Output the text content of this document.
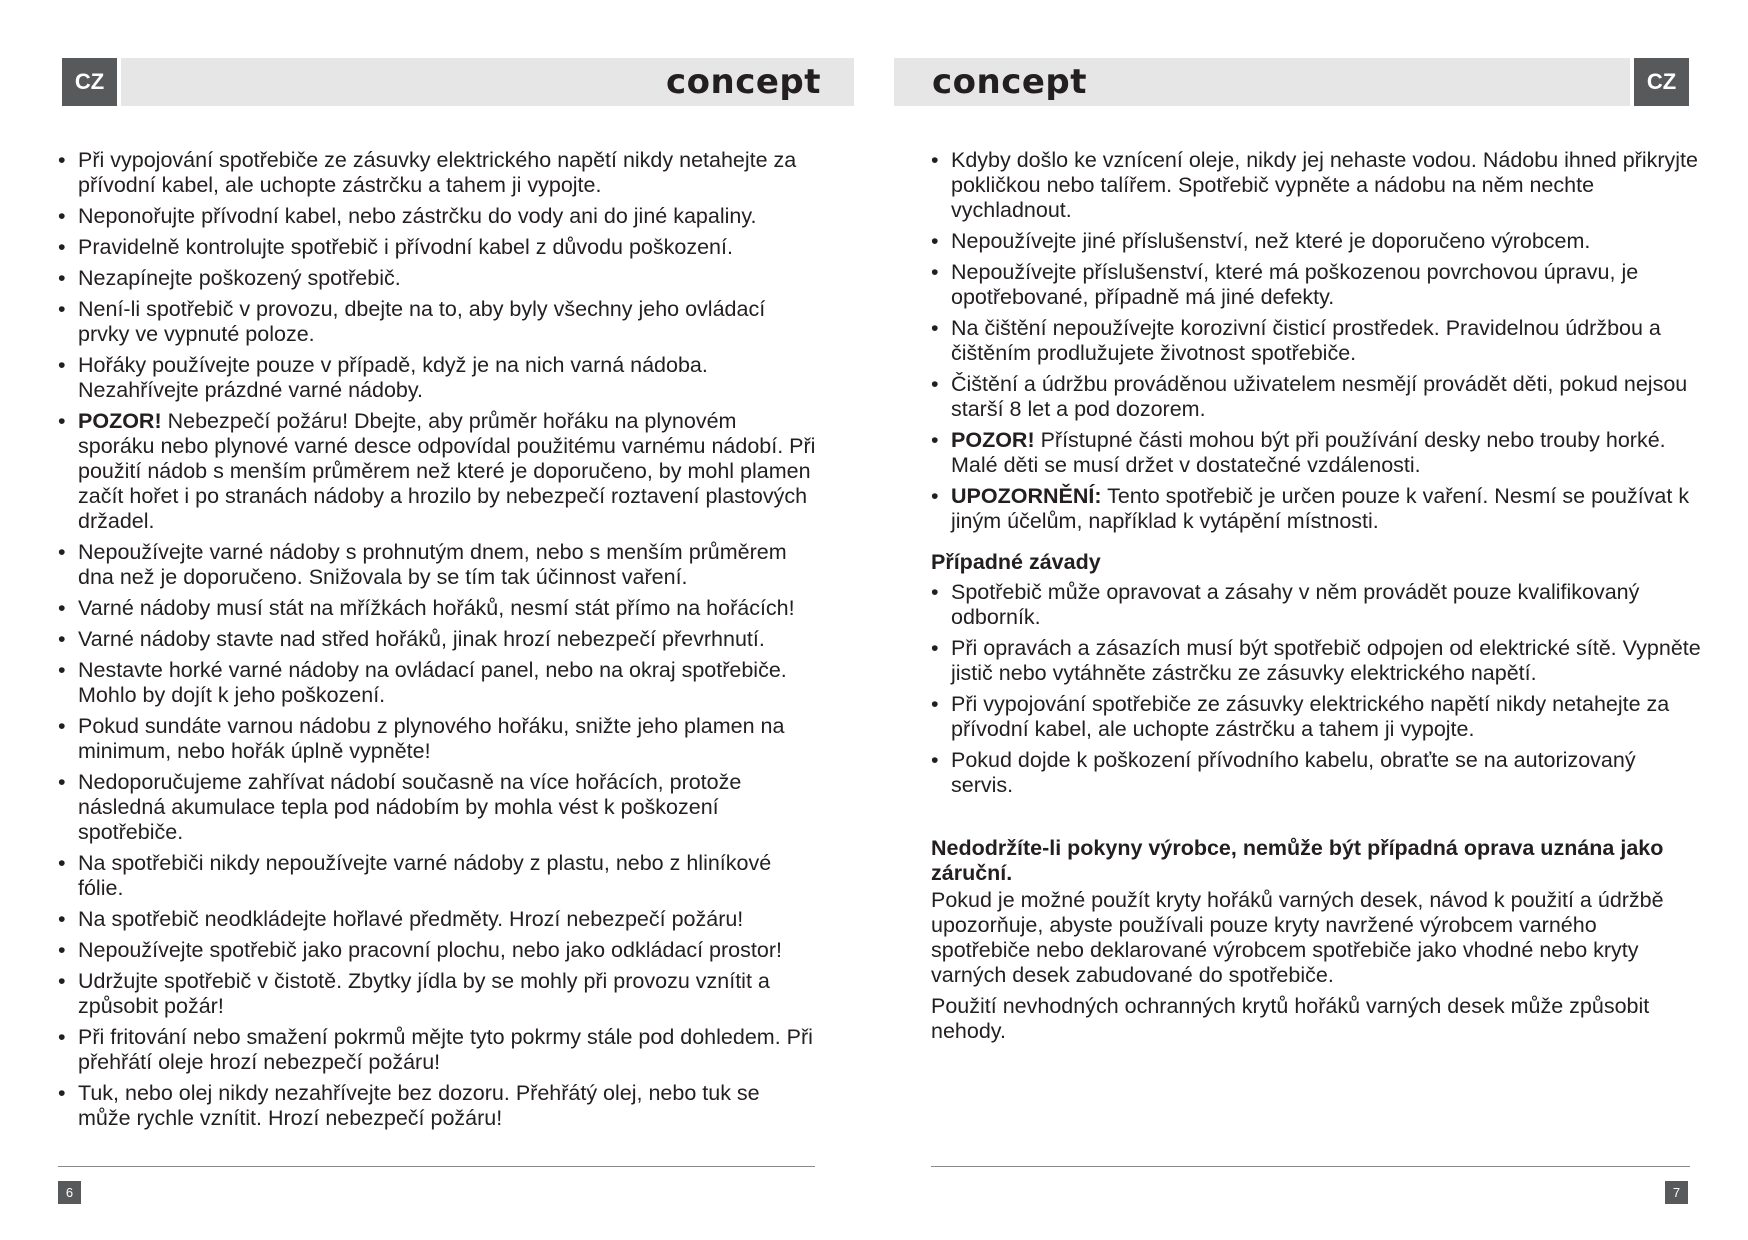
CZ	CZ
concept	concept
• Při vypojování spotřebiče ze zásuvky elektrického napětí nikdy netahejte za přívodní kabel, ale uchopte zástrčku a tahem ji vypojte.
• Neponořujte přívodní kabel, nebo zástrčku do vody ani do jiné kapaliny.
• Pravidelně kontrolujte spotřebič i přívodní kabel z důvodu poškození.
• Nezapínejte poškozený spotřebič.
• Není-li spotřebič v provozu, dbejte na to, aby byly všechny jeho ovládací prvky ve vypnuté poloze.
• Hořáky používejte pouze v případě, když je na nich varná nádoba. Nezahřívejte prázdné varné nádoby.
• POZOR! Nebezpečí požáru! Dbejte, aby průměr hořáku na plynovém sporáku nebo plynové varné desce odpovídal použitému varnému nádobí. Při použití nádob s menším průměrem než které je doporučeno, by mohl plamen začít hořet i po stranách nádoby a hrozilo by nebezpečí roztavení plastových držadel.
• Nepoužívejte varné nádoby s prohnutým dnem, nebo s menším průměrem dna než je doporučeno. Snižovala by se tím tak účinnost vaření.
• Varné nádoby musí stát na mřížkách hořáků, nesmí stát přímo na hořácích!
• Varné nádoby stavte nad střed hořáků, jinak hrozí nebezpečí převrhnutí.
• Nestavte horké varné nádoby na ovládací panel, nebo na okraj spotřebiče. Mohlo by dojít k jeho poškození.
• Pokud sundáte varnou nádobu z plynového hořáku, snižte jeho plamen na minimum, nebo hořák úplně vypněte!
• Nedoporučujeme zahřívat nádobí současně na více hořácích, protože následná akumulace tepla pod nádobím by mohla vést k poškození spotřebiče.
• Na spotřebiči nikdy nepoužívejte varné nádoby z plastu, nebo z hliníkové fólie.
• Na spotřebič neodkládejte hořlavé předměty. Hrozí nebezpečí požáru!
• Nepoužívejte spotřebič jako pracovní plochu, nebo jako odkládací prostor!
• Udržujte spotřebič v čistotě. Zbytky jídla by se mohly při provozu vznítit a způsobit požár!
• Při fritování nebo smažení pokrmů mějte tyto pokrmy stále pod dohledem. Při přehřátí oleje hrozí nebezpečí požáru!
• Tuk, nebo olej nikdy nezahřívejte bez dozoru. Přehřátý olej, nebo tuk se může rychle vznítit. Hrozí nebezpečí požáru!
• Kdyby došlo ke vznícení oleje, nikdy jej nehaste vodou. Nádobu ihned přikryjte pokličkou nebo talířem. Spotřebič vypněte a nádobu na něm nechte vychladnout.
• Nepoužívejte jiné příslušenství, než které je doporučeno výrobcem.
• Nepoužívejte příslušenství, které má poškozenou povrchovou úpravu, je opotřebované, případně má jiné defekty.
• Na čištění nepoužívejte korozivní čisticí prostředek. Pravidelnou údržbou a čištěním prodlužujete životnost spotřebiče.
• Čištění a údržbu prováděnou uživatelem nesmějí provádět děti, pokud nejsou starší 8 let a pod dozorem.
• POZOR! Přístupné části mohou být při používání desky nebo trouby horké. Malé děti se musí držet v dostatečné vzdálenosti.
• UPOZORNĚNÍ: Tento spotřebič je určen pouze k vaření. Nesmí se používat k jiným účelům, například k vytápění místnosti.
Případné závady
• Spotřebič může opravovat a zásahy v něm provádět pouze kvalifikovaný odborník.
• Při opravách a zásazích musí být spotřebič odpojen od elektrické sítě. Vypněte jistič nebo vytáhněte zástrčku ze zásuvky elektrického napětí.
• Při vypojování spotřebiče ze zásuvky elektrického napětí nikdy netahejte za přívodní kabel, ale uchopte zástrčku a tahem ji vypojte.
• Pokud dojde k poškození přívodního kabelu, obraťte se na autorizovaný servis.
Nedodržíte-li pokyny výrobce, nemůže být případná oprava uznána jako záruční.

Pokud je možné použít kryty hořáků varných desek, návod k použití a údržbě upozorňuje, abyste používali pouze kryty navržené výrobcem varného spotřebiče nebo deklarované výrobcem spotřebiče jako vhodné nebo kryty varných desek zabudované do spotřebiče.

Použití nevhodných ochranných krytů hořáků varných desek může způsobit nehody.

6	7
